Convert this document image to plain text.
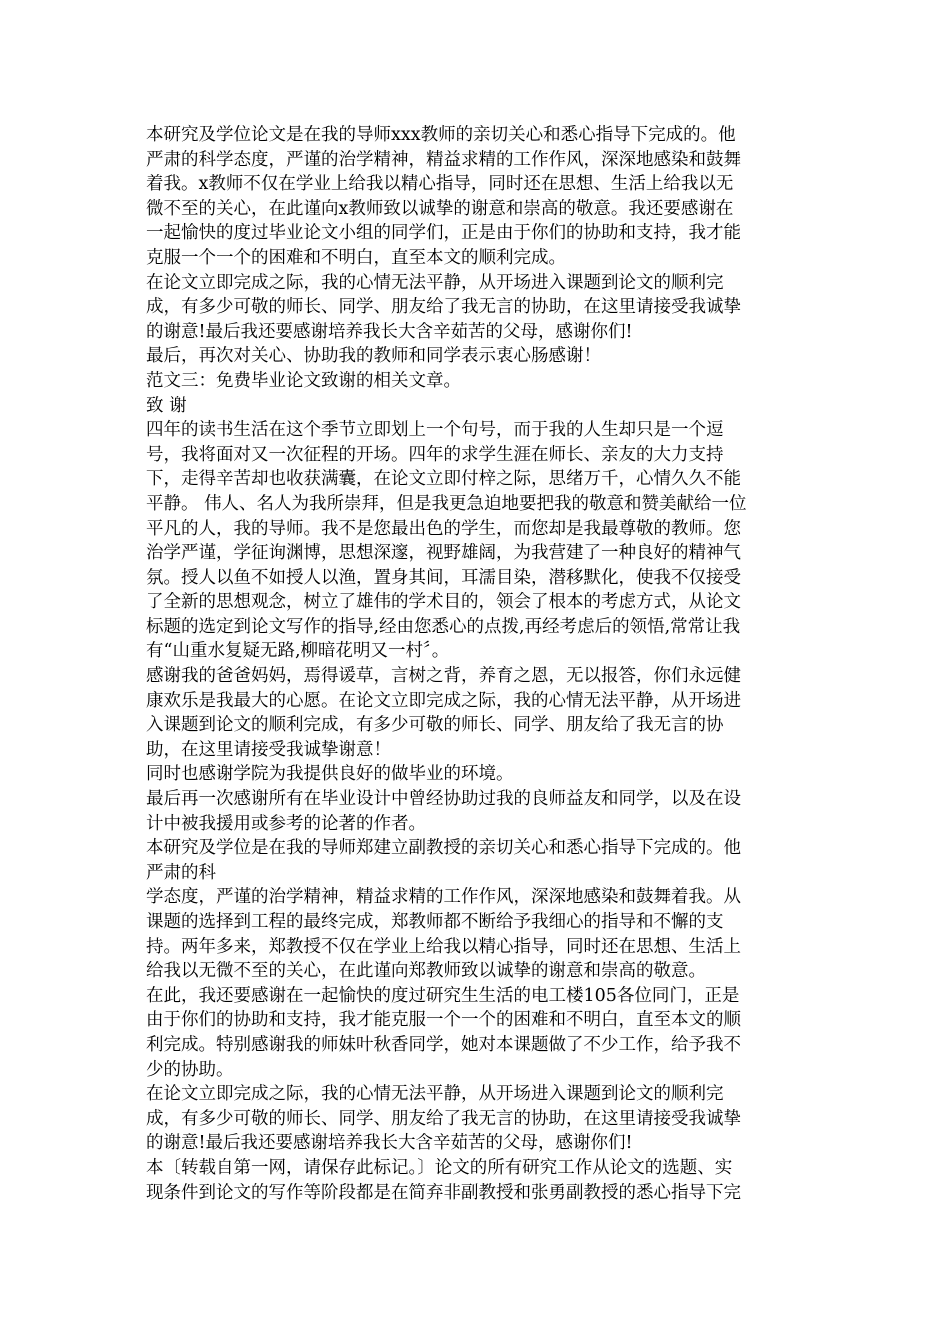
本研究及学位论文是在我的导师xxx教师的亲切关心和悉心指导下完成的。他
严肃的科学态度，严谨的治学精神，精益求精的工作作风，深深地感染和鼓舞
着我。x教师不仅在学业上给我以精心指导，同时还在思想、生活上给我以无
微不至的关心，在此谨向x教师致以诚挚的谢意和崇高的敬意。我还要感谢在
一起愉快的度过毕业论文小组的同学们，正是由于你们的协助和支持，我才能
克服一个一个的困难和不明白，直至本文的顺利完成。

在论文立即完成之际，我的心情无法平静，从开场进入课题到论文的顺利完
成，有多少可敬的师长、同学、朋友给了我无言的协助，在这里请接受我诚挚
的谢意!最后我还要感谢培养我长大含辛茹苦的父母，感谢你们!

最后，再次对关心、协助我的教师和同学表示衷心肠感谢！

范文三：免费毕业论文致谢的相关文章。

致 谢

四年的读书生活在这个季节立即划上一个句号，而于我的人生却只是一个逗
号，我将面对又一次征程的开场。四年的求学生涯在师长、亲友的大力支持
下，走得辛苦却也收获满囊，在论文立即付梓之际，思绪万千，心情久久不能
平静。 伟人、名人为我所崇拜，但是我更急迫地要把我的敬意和赞美献给一位
平凡的人，我的导师。我不是您最出色的学生，而您却是我最尊敬的教师。您
治学严谨，学征询渊博，思想深邃，视野雄阔，为我营建了一种良好的精神气
氛。授人以鱼不如授人以渔，置身其间，耳濡目染，潜移默化，使我不仅接受
了全新的思想观念，树立了雄伟的学术目的，领会了根本的考虑方式，从论文
标题的选定到论文写作的指导,经由您悉心的点拨,再经考虑后的领悟,常常让我
有“山重水复疑无路,柳暗花明又一村〞。

感谢我的爸爸妈妈，焉得谖草，言树之背，养育之恩，无以报答，你们永远健
康欢乐是我最大的心愿。在论文立即完成之际，我的心情无法平静，从开场进
入课题到论文的顺利完成，有多少可敬的师长、同学、朋友给了我无言的协
助，在这里请接受我诚挚谢意！

同时也感谢学院为我提供良好的做毕业的环境。

最后再一次感谢所有在毕业设计中曾经协助过我的良师益友和同学，以及在设
计中被我援用或参考的论著的作者。

本研究及学位是在我的导师郑建立副教授的亲切关心和悉心指导下完成的。他
严肃的科

学态度，严谨的治学精神，精益求精的工作作风，深深地感染和鼓舞着我。从
课题的选择到工程的最终完成，郑教师都不断给予我细心的指导和不懈的支
持。两年多来，郑教授不仅在学业上给我以精心指导，同时还在思想、生活上
给我以无微不至的关心，在此谨向郑教师致以诚挚的谢意和崇高的敬意。

在此，我还要感谢在一起愉快的度过研究生生活的电工楼105各位同门，正是
由于你们的协助和支持，我才能克服一个一个的困难和不明白，直至本文的顺
利完成。特别感谢我的师妹叶秋香同学，她对本课题做了不少工作，给予我不
少的协助。

在论文立即完成之际，我的心情无法平静，从开场进入课题到论文的顺利完
成，有多少可敬的师长、同学、朋友给了我无言的协助，在这里请接受我诚挚
的谢意!最后我还要感谢培养我长大含辛茹苦的父母，感谢你们!

本〔转载自第一网，请保存此标记。〕论文的所有研究工作从论文的选题、实
现条件到论文的写作等阶段都是在简弃非副教授和张勇副教授的悉心指导下完
